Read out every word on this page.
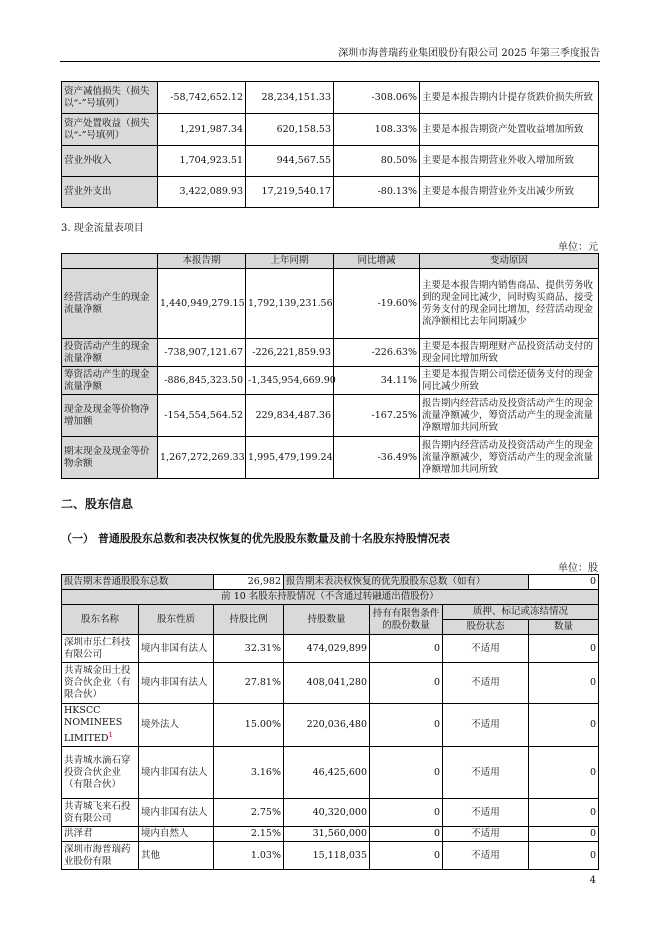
深圳市海普瑞药业集团股份有限公司 2025 年第三季度报告
资产减值损失（损失以“-”号填列）	-58,742,652.12	28,234,151.33	-308.06%	主要是本报告期内计提存货跌价损失所致
资产处置收益（损失以“-”号填列）	1,291,987.34	620,158.53	108.33%	主要是本报告期资产处置收益增加所致
营业外收入	1,704,923.51	944,567.55	80.50%	主要是本报告期营业外收入增加所致
营业外支出	3,422,089.93	17,219,540.17	-80.13%	主要是本报告期营业外支出减少所致
3. 现金流量表项目
单位：元
	本报告期	上年同期	同比增减	变动原因
经营活动产生的现金流量净额	1,440,949,279.15	1,792,139,231.56	-19.60%	主要是本报告期内销售商品、提供劳务收到的现金同比减少，同时购买商品、接受劳务支付的现金同比增加，经营活动现金流净额相比去年同期减少
投资活动产生的现金流量净额	-738,907,121.67	-226,221,859.93	-226.63%	主要是本报告期理财产品投资活动支付的现金同比增加所致
筹资活动产生的现金流量净额	-886,845,323.50	-1,345,954,669.90	34.11%	主要是本报告期公司偿还债务支付的现金同比减少所致
现金及现金等价物净增加额	-154,554,564.52	229,834,487.36	-167.25%	报告期内经营活动及投资活动产生的现金流量净额减少，筹资活动产生的现金流量净额增加共同所致
期末现金及现金等价物余额	1,267,272,269.33	1,995,479,199.24	-36.49%	报告期内经营活动及投资活动产生的现金流量净额减少，筹资活动产生的现金流量净额增加共同所致
二、股东信息
（一） 普通股股东总数和表决权恢复的优先股股东数量及前十名股东持股情况表
单位：股
报告期末普通股股东总数		26,982	报告期末表决权恢复的优先股股东总数（如有）			0
前 10 名股东持股情况（不含通过转融通出借股份）						
股东名称	股东性质	持股比例	持股数量	持有有限售条件的股份数量	质押、标记或冻结情况	
					股份状态	数量
深圳市乐仁科技有限公司	境内非国有法人	32.31%	474,029,899	0	不适用	0
共青城金田土投资合伙企业（有限合伙）	境内非国有法人	27.81%	408,041,280	0	不适用	0
HKSCC NOMINEES LIMITED$^1$	境外法人	15.00%	220,036,480	0	不适用	0
共青城水滴石穿投资合伙企业（有限合伙）	境内非国有法人	3.16%	46,425,600	0	不适用	0
共青城飞来石投资有限公司	境内非国有法人	2.75%	40,320,000	0	不适用	0
洪泽君	境内自然人	2.15%	31,560,000	0	不适用	0
深圳市海普瑞药业股份有限	其他	1.03%	15,118,035	0	不适用	0
4
